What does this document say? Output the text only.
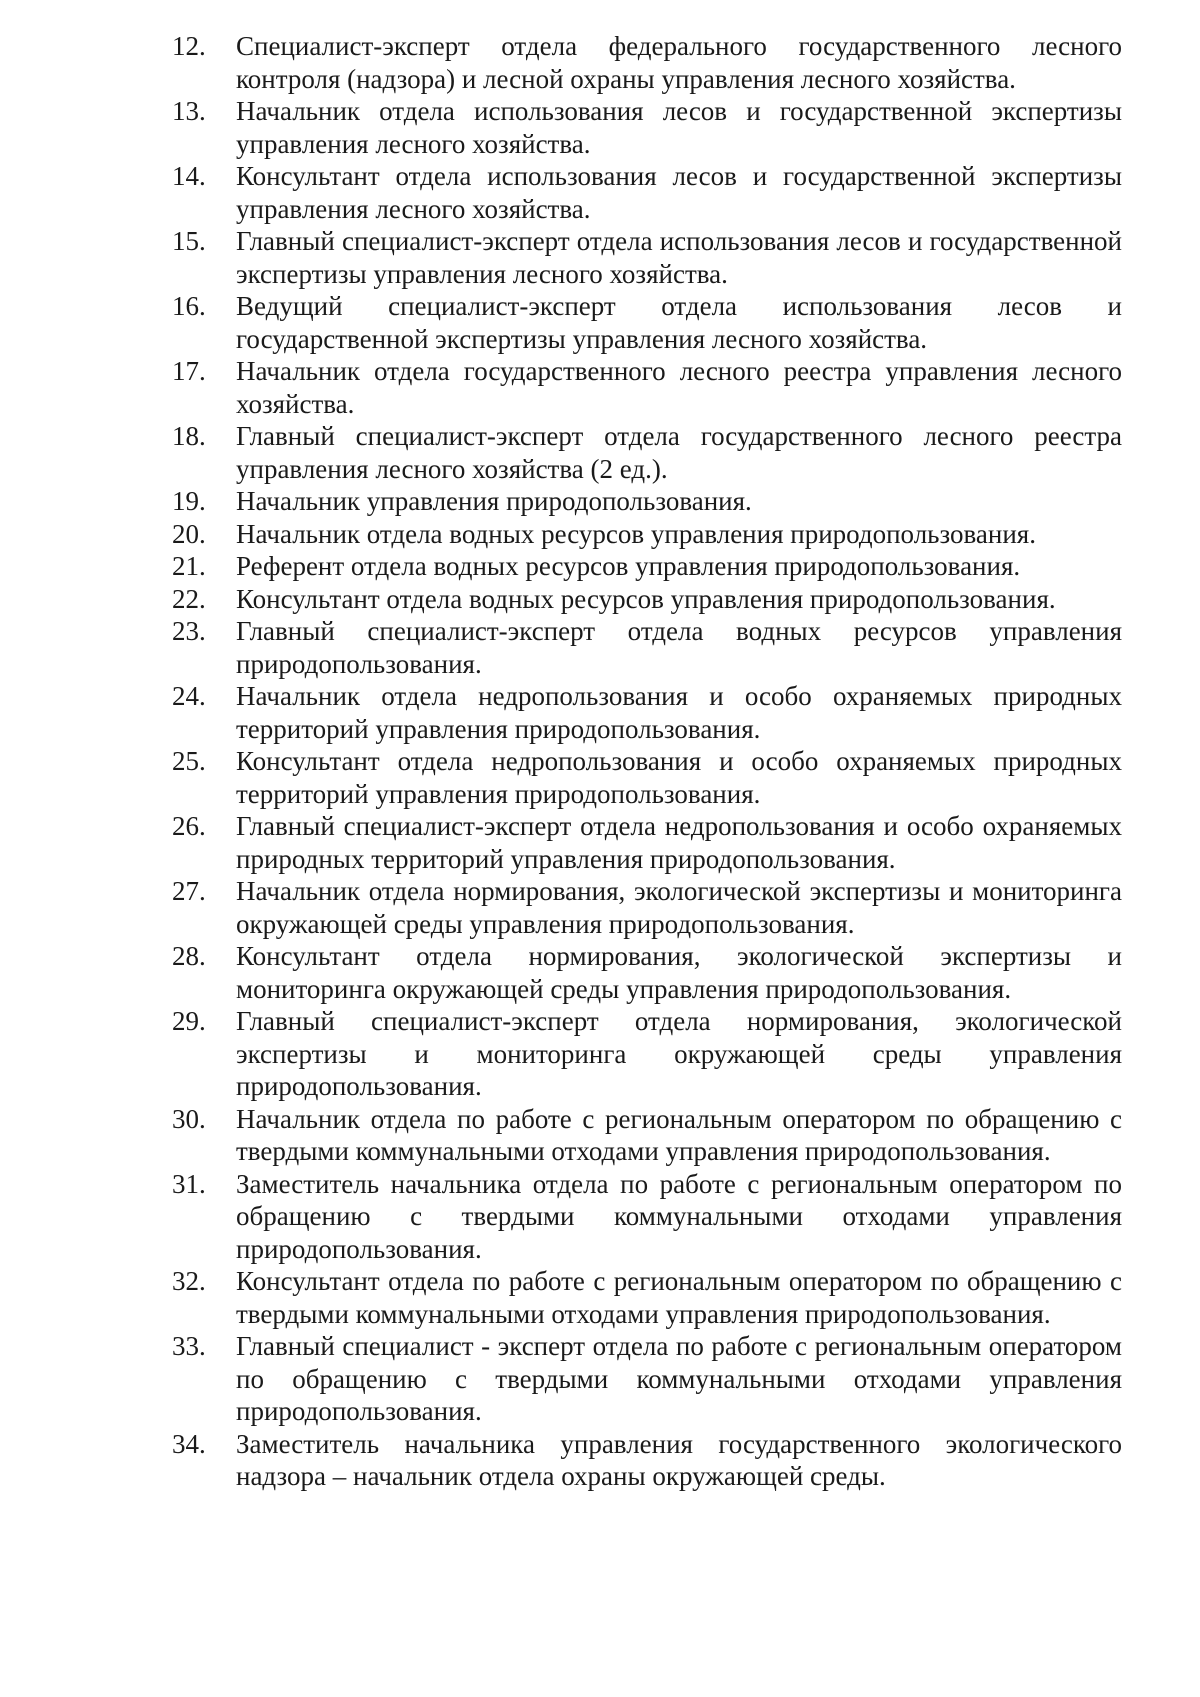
12.	Специалист-эксперт отдела федерального государственного лесного контроля (надзора) и лесной охраны управления лесного хозяйства.
13.	Начальник отдела использования лесов и государственной экспертизы управления лесного хозяйства.
14.	Консультант отдела использования лесов и государственной экспертизы управления лесного хозяйства.
15.	Главный специалист-эксперт отдела использования лесов и государственной экспертизы управления лесного хозяйства.
16.	Ведущий специалист-эксперт отдела использования лесов и государственной экспертизы управления лесного хозяйства.
17.	Начальник отдела государственного лесного реестра управления лесного хозяйства.
18.	Главный специалист-эксперт отдела государственного лесного реестра управления лесного хозяйства (2 ед.).
19.	Начальник управления природопользования.
20.	Начальник отдела водных ресурсов управления природопользования.
21.	Референт отдела водных ресурсов управления природопользования.
22.	Консультант отдела водных ресурсов управления природопользования.
23.	Главный специалист-эксперт отдела водных ресурсов управления природопользования.
24.	Начальник отдела недропользования и особо охраняемых природных территорий управления природопользования.
25.	Консультант отдела недропользования и особо охраняемых природных территорий управления природопользования.
26.	Главный специалист-эксперт отдела недропользования и особо охраняемых природных территорий управления природопользования.
27.	Начальник отдела нормирования, экологической экспертизы и мониторинга окружающей среды управления природопользования.
28.	Консультант отдела нормирования, экологической экспертизы и мониторинга окружающей среды управления природопользования.
29.	Главный специалист-эксперт отдела нормирования, экологической экспертизы и мониторинга окружающей среды управления природопользования.
30.	Начальник отдела по работе с региональным оператором по обращению с твердыми коммунальными отходами управления природопользования.
31.	Заместитель начальника отдела по работе с региональным оператором по обращению с твердыми коммунальными отходами управления природопользования.
32.	Консультант отдела по работе с региональным оператором по обращению с твердыми коммунальными отходами управления природопользования.
33.	Главный специалист - эксперт отдела по работе с региональным оператором по обращению с твердыми коммунальными отходами управления природопользования.
34.	Заместитель начальника управления государственного экологического надзора – начальник отдела охраны окружающей среды.
